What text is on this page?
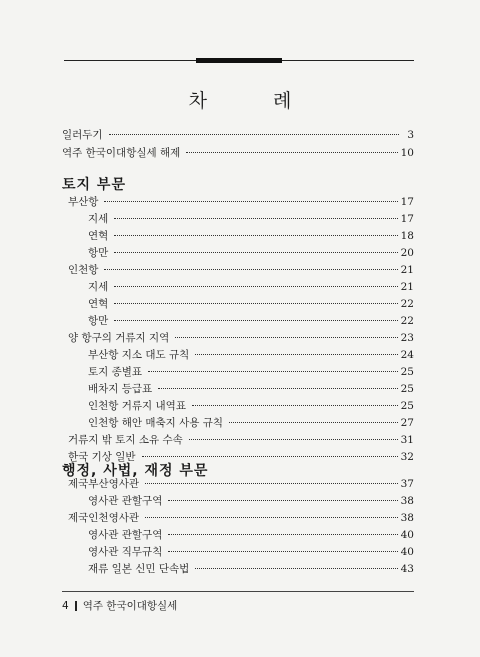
차 례
일러두기	3
역주 한국이대항실세 해제	10
토지 부문
부산항	17
지세	17
연혁	18
항만	20
인천항	21
지세	21
연혁	22
항만	22
양 항구의 거류지 지역	23
부산항 지소 대도 규칙	24
토지 종별표	25
배차지 등급표	25
인천항 거류지 내역표	25
인천항 해안 매축지 사용 규칙	27
거류지 밖 토지 소유 수속	31
한국 기상 일반	32
행정, 사법, 재정 부문
제국부산영사관	37
영사관 관할구역	38
제국인천영사관	38
영사관 관할구역	40
영사관 직무규칙	40
재류 일본 신민 단속법	43
4 역주 한국이대항실세
